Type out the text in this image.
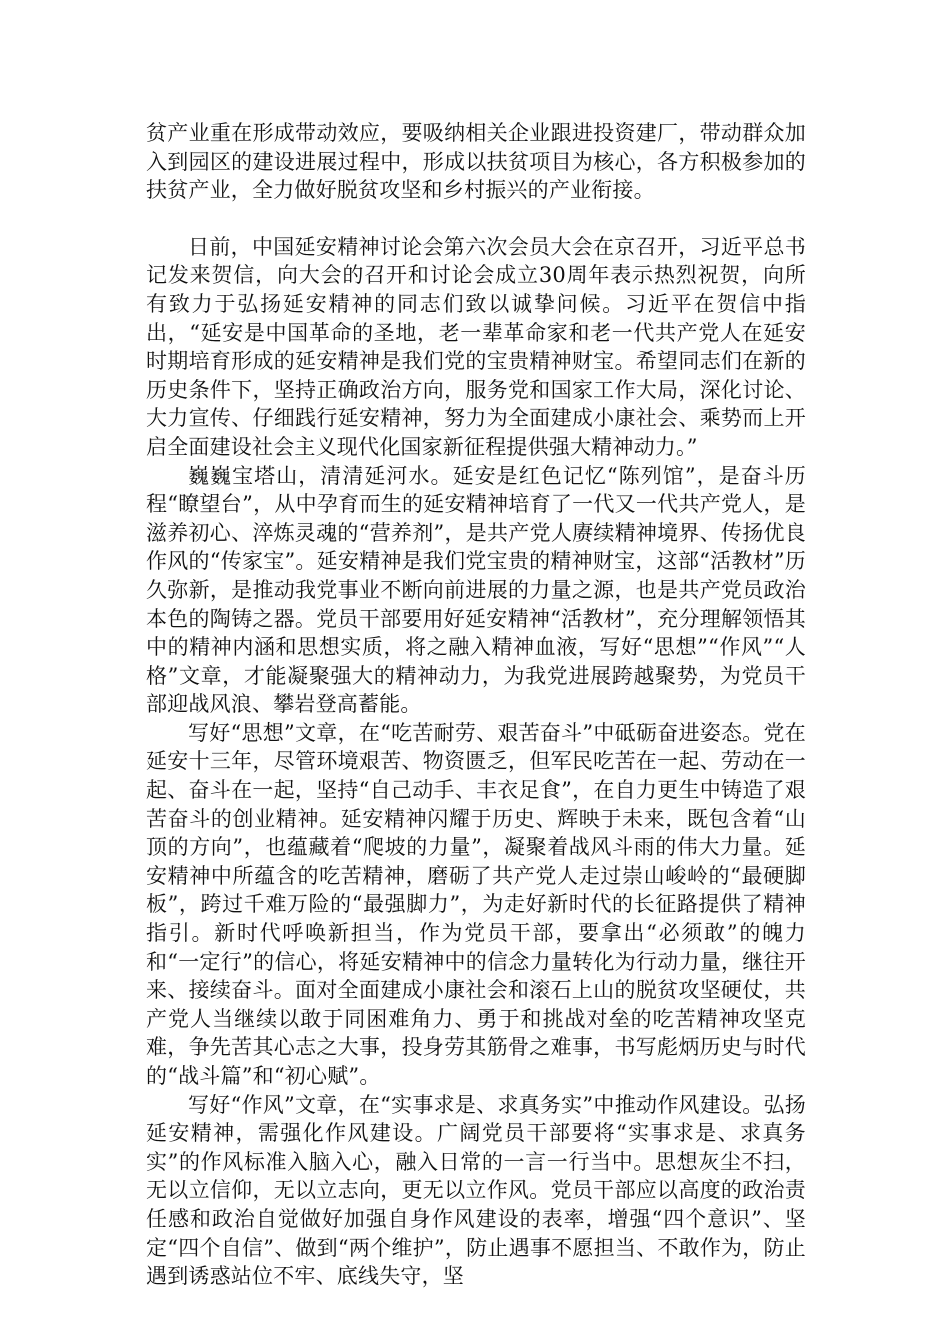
贫产业重在形成带动效应，要吸纳相关企业跟进投资建厂，带动群众加入到园区的建设进展过程中，形成以扶贫项目为核心，各方积极参加的扶贫产业，全力做好脱贫攻坚和乡村振兴的产业衔接。

日前，中国延安精神讨论会第六次会员大会在京召开，习近平总书记发来贺信，向大会的召开和讨论会成立30周年表示热烈祝贺，向所有致力于弘扬延安精神的同志们致以诚挚问候。习近平在贺信中指出，“延安是中国革命的圣地，老一辈革命家和老一代共产党人在延安时期培育形成的延安精神是我们党的宝贵精神财宝。希望同志们在新的历史条件下，坚持正确政治方向，服务党和国家工作大局，深化讨论、大力宣传、仔细践行延安精神，努力为全面建成小康社会、乘势而上开启全面建设社会主义现代化国家新征程提供强大精神动力。”

巍巍宝塔山，清清延河水。延安是红色记忆“陈列馆”，是奋斗历程“瞭望台”，从中孕育而生的延安精神培育了一代又一代共产党人，是滋养初心、淬炼灵魂的“营养剂”，是共产党人赓续精神境界、传扬优良作风的“传家宝”。延安精神是我们党宝贵的精神财宝，这部“活教材”历久弥新，是推动我党事业不断向前进展的力量之源，也是共产党员政治本色的陶铸之器。党员干部要用好延安精神“活教材”，充分理解领悟其中的精神内涵和思想实质，将之融入精神血液，写好“思想”“作风”“人格”文章，才能凝聚强大的精神动力，为我党进展跨越聚势，为党员干部迎战风浪、攀岩登高蓄能。

写好“思想”文章，在“吃苦耐劳、艰苦奋斗”中砥砺奋进姿态。党在延安十三年，尽管环境艰苦、物资匮乏，但军民吃苦在一起、劳动在一起、奋斗在一起，坚持“自己动手、丰衣足食”，在自力更生中铸造了艰苦奋斗的创业精神。延安精神闪耀于历史、辉映于未来，既包含着“山顶的方向”，也蕴藏着“爬坡的力量”，凝聚着战风斗雨的伟大力量。延安精神中所蕴含的吃苦精神，磨砺了共产党人走过崇山峻岭的“最硬脚板”，跨过千难万险的“最强脚力”，为走好新时代的长征路提供了精神指引。新时代呼唤新担当，作为党员干部，要拿出“必须敢”的魄力和“一定行”的信心，将延安精神中的信念力量转化为行动力量，继往开来、接续奋斗。面对全面建成小康社会和滚石上山的脱贫攻坚硬仗，共产党人当继续以敢于同困难角力、勇于和挑战对垒的吃苦精神攻坚克难，争先苦其心志之大事，投身劳其筋骨之难事，书写彪炳历史与时代的“战斗篇”和“初心赋”。

写好“作风”文章，在“实事求是、求真务实”中推动作风建设。弘扬延安精神，需强化作风建设。广阔党员干部要将“实事求是、求真务实”的作风标准入脑入心，融入日常的一言一行当中。思想灰尘不扫，无以立信仰，无以立志向，更无以立作风。党员干部应以高度的政治责任感和政治自觉做好加强自身作风建设的表率，增强“四个意识”、坚定“四个自信”、做到“两个维护”，防止遇事不愿担当、不敢作为，防止遇到诱惑站位不牢、底线失守，坚
